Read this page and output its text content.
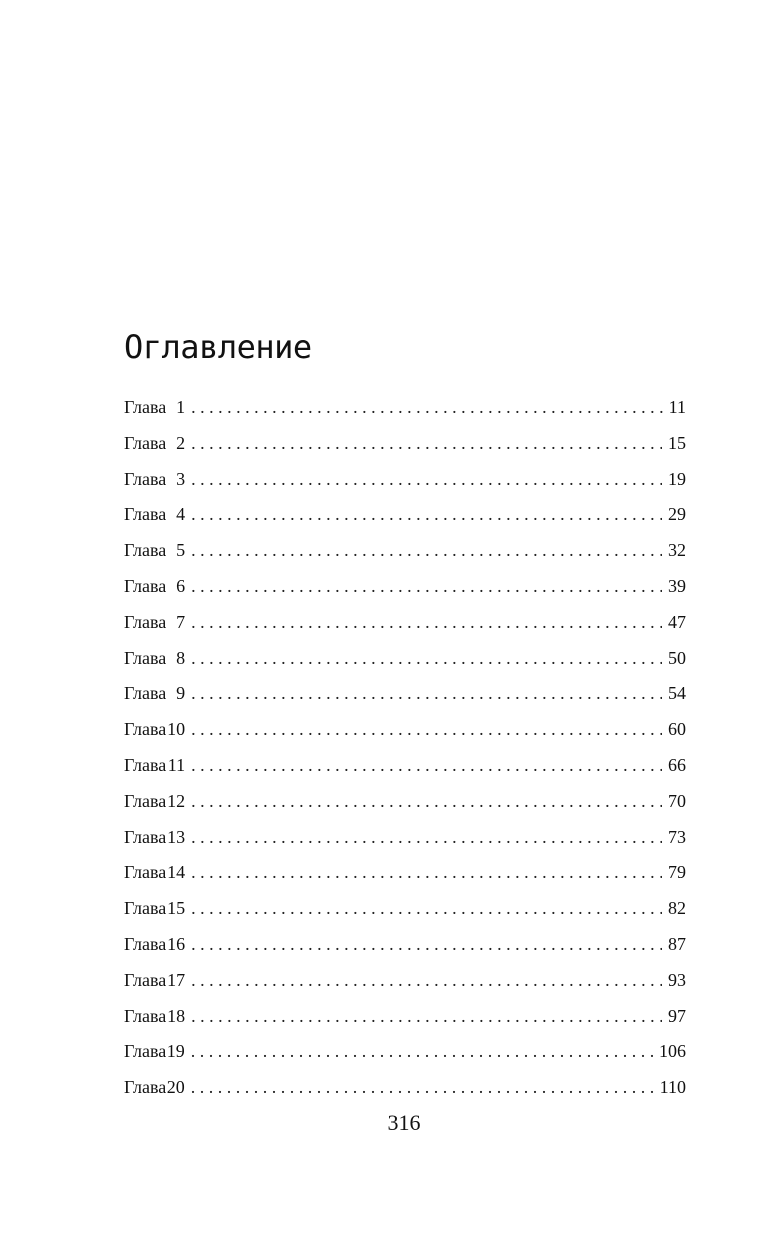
Оглавление
Глава 1 . . .	11
Глава 2 . . .	15
Глава 3 . . .	19
Глава 4 . . .	29
Глава 5 . . .	32
Глава 6 . . .	39
Глава 7 . . .	47
Глава 8 . . .	50
Глава 9 . . .	54
Глава 10 . . .	60
Глава 11 . . .	66
Глава 12 . . .	70
Глава 13 . . .	73
Глава 14 . . .	79
Глава 15 . . .	82
Глава 16 . . .	87
Глава 17 . . .	93
Глава 18 . . .	97
Глава 19 . . .	106
Глава 20 . . .	110
316
